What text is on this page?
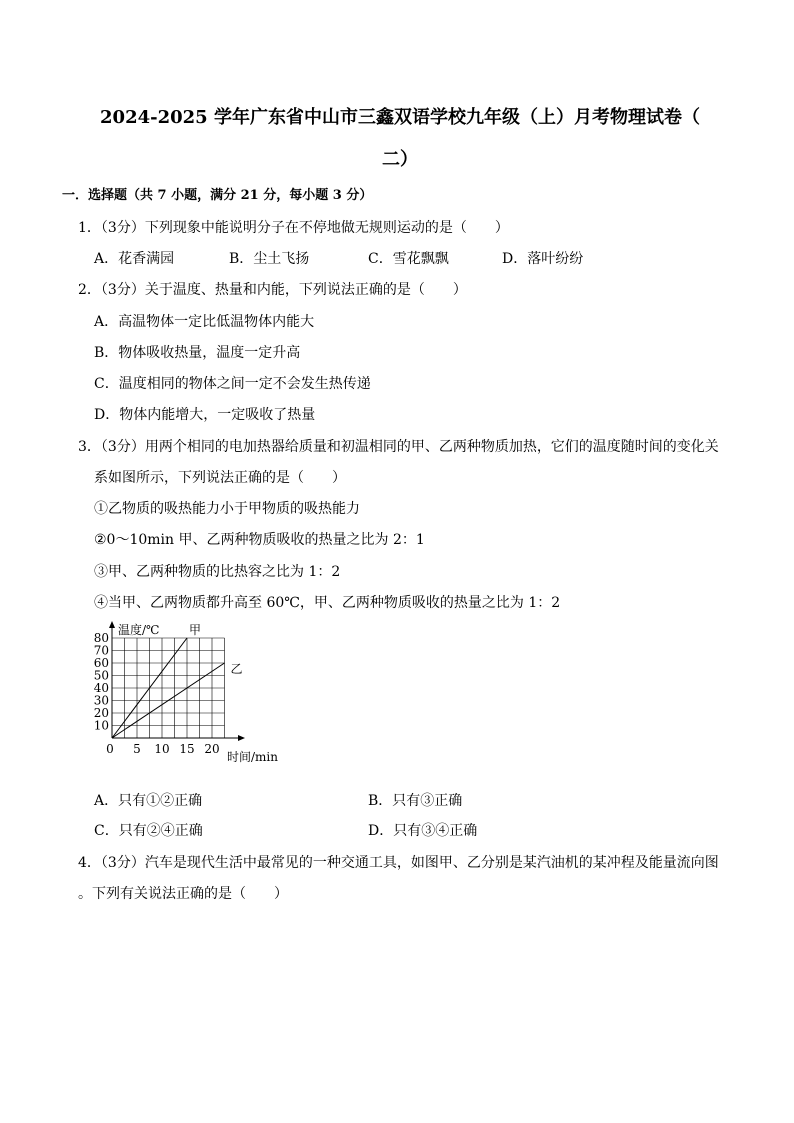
2024-2025 学年广东省中山市三鑫双语学校九年级（上）月考物理试卷（
二）
一．选择题（共 7 小题，满分 21 分，每小题 3 分）
1．（3分）下列现象中能说明分子在不停地做无规则运动的是（　　）
A．花香满园	B．尘土飞扬	C．雪花飘飘	D．落叶纷纷
2．（3分）关于温度、热量和内能，下列说法正确的是（　　）
A．高温物体一定比低温物体内能大
B．物体吸收热量，温度一定升高
C．温度相同的物体之间一定不会发生热传递
D．物体内能增大，一定吸收了热量
3．（3分）用两个相同的电加热器给质量和初温相同的甲、乙两种物质加热，它们的温度随时间的变化关
系如图所示，下列说法正确的是（　　）
①乙物质的吸热能力小于甲物质的吸热能力
②0～10min 甲、乙两种物质吸收的热量之比为 2：1
③甲、乙两种物质的比热容之比为 1：2
④当甲、乙两物质都升高至 60℃，甲、乙两种物质吸收的热量之比为 1：2
10
20
30
40
50
60
70
80
0 5 10 15 20
温度/℃
时间/min
甲
乙
A．只有①②正确	B．只有③正确
C．只有②④正确	D．只有③④正确
4．（3分）汽车是现代生活中最常见的一种交通工具，如图甲、乙分别是某汽油机的某冲程及能量流向图
。下列有关说法正确的是（　　）
